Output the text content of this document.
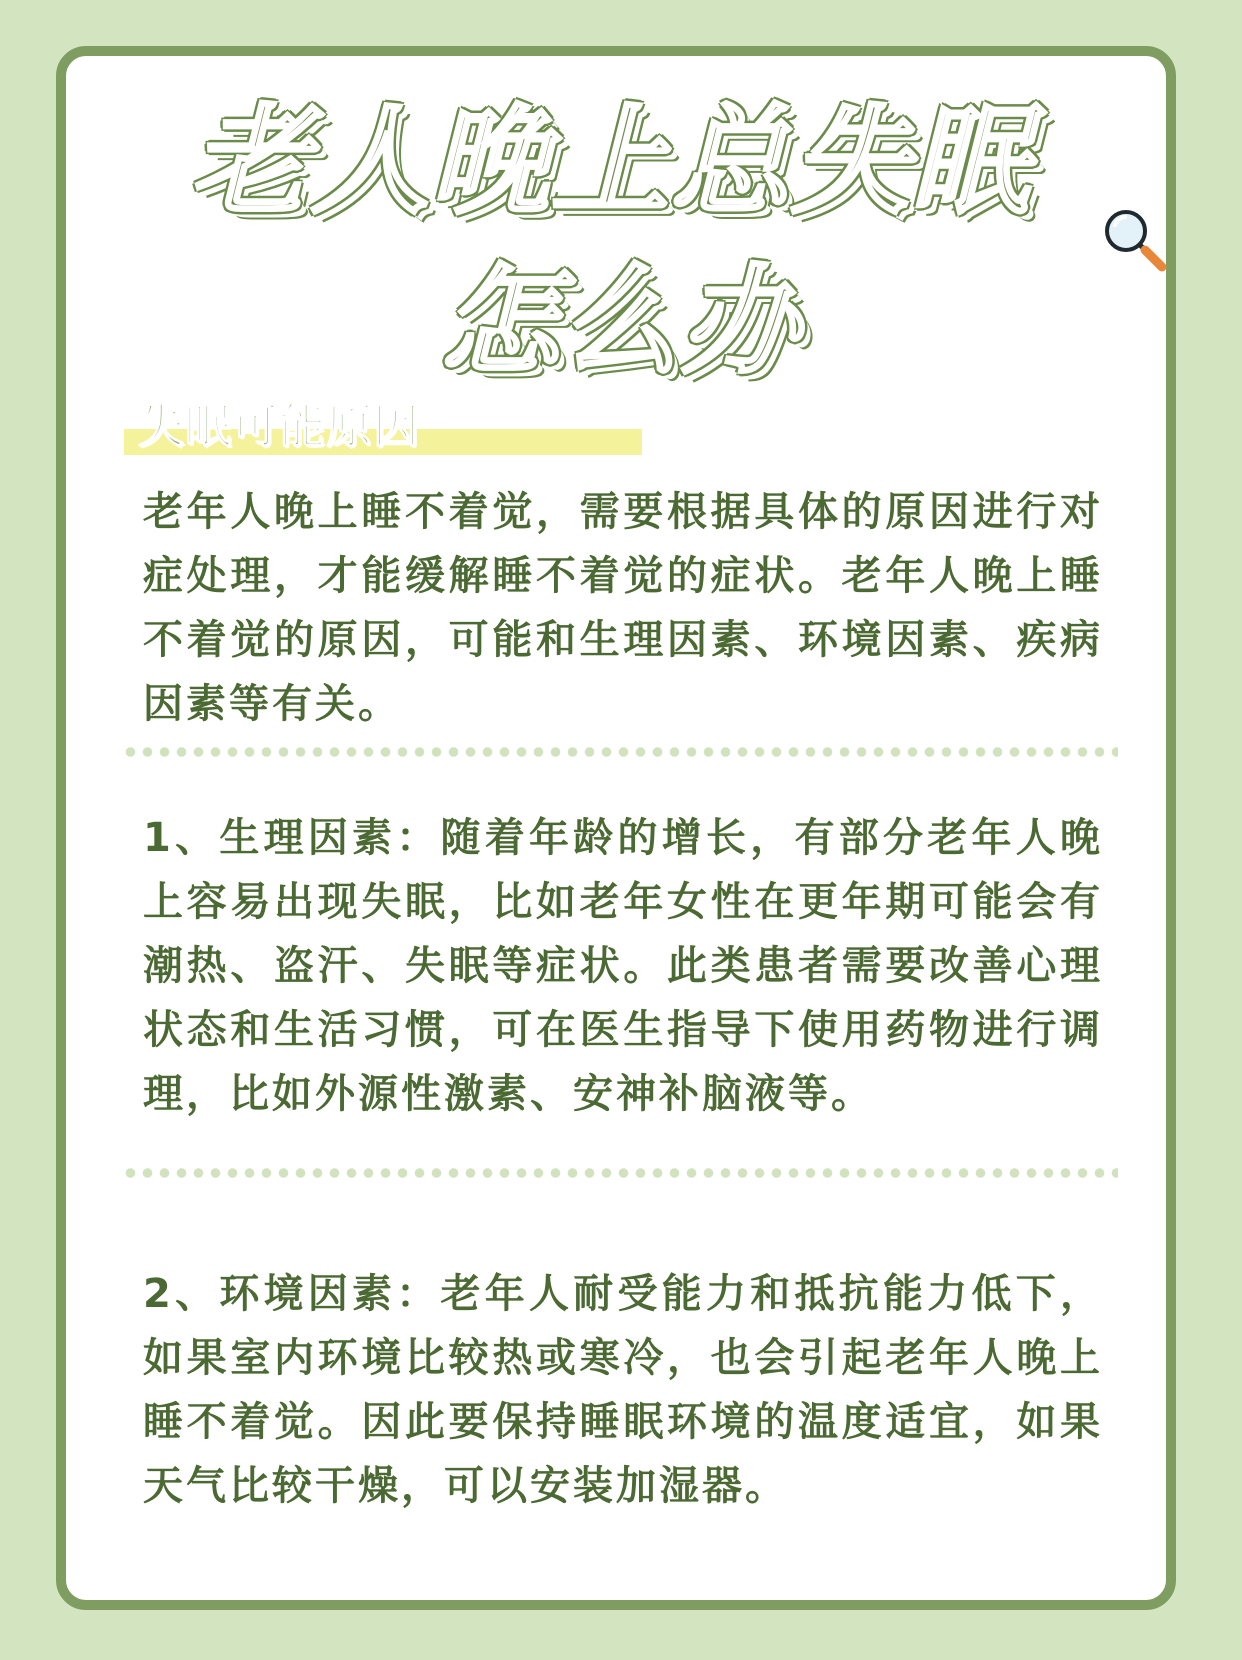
老人晚上总失眠
怎么办
失眠可能原因

老年人晚上睡不着觉，需要根据具体的原因进行对症处理，才能缓解睡不着觉的症状。老年人晚上睡不着觉的原因，可能和生理因素、环境因素、疾病因素等有关。

1、生理因素：随着年龄的增长，有部分老年人晚上容易出现失眠，比如老年女性在更年期可能会有潮热、盗汗、失眠等症状。此类患者需要改善心理状态和生活习惯，可在医生指导下使用药物进行调理，比如外源性激素、安神补脑液等。

2、环境因素：老年人耐受能力和抵抗能力低下，如果室内环境比较热或寒冷，也会引起老年人晚上睡不着觉。因此要保持睡眠环境的温度适宜，如果天气比较干燥，可以安装加湿器。
